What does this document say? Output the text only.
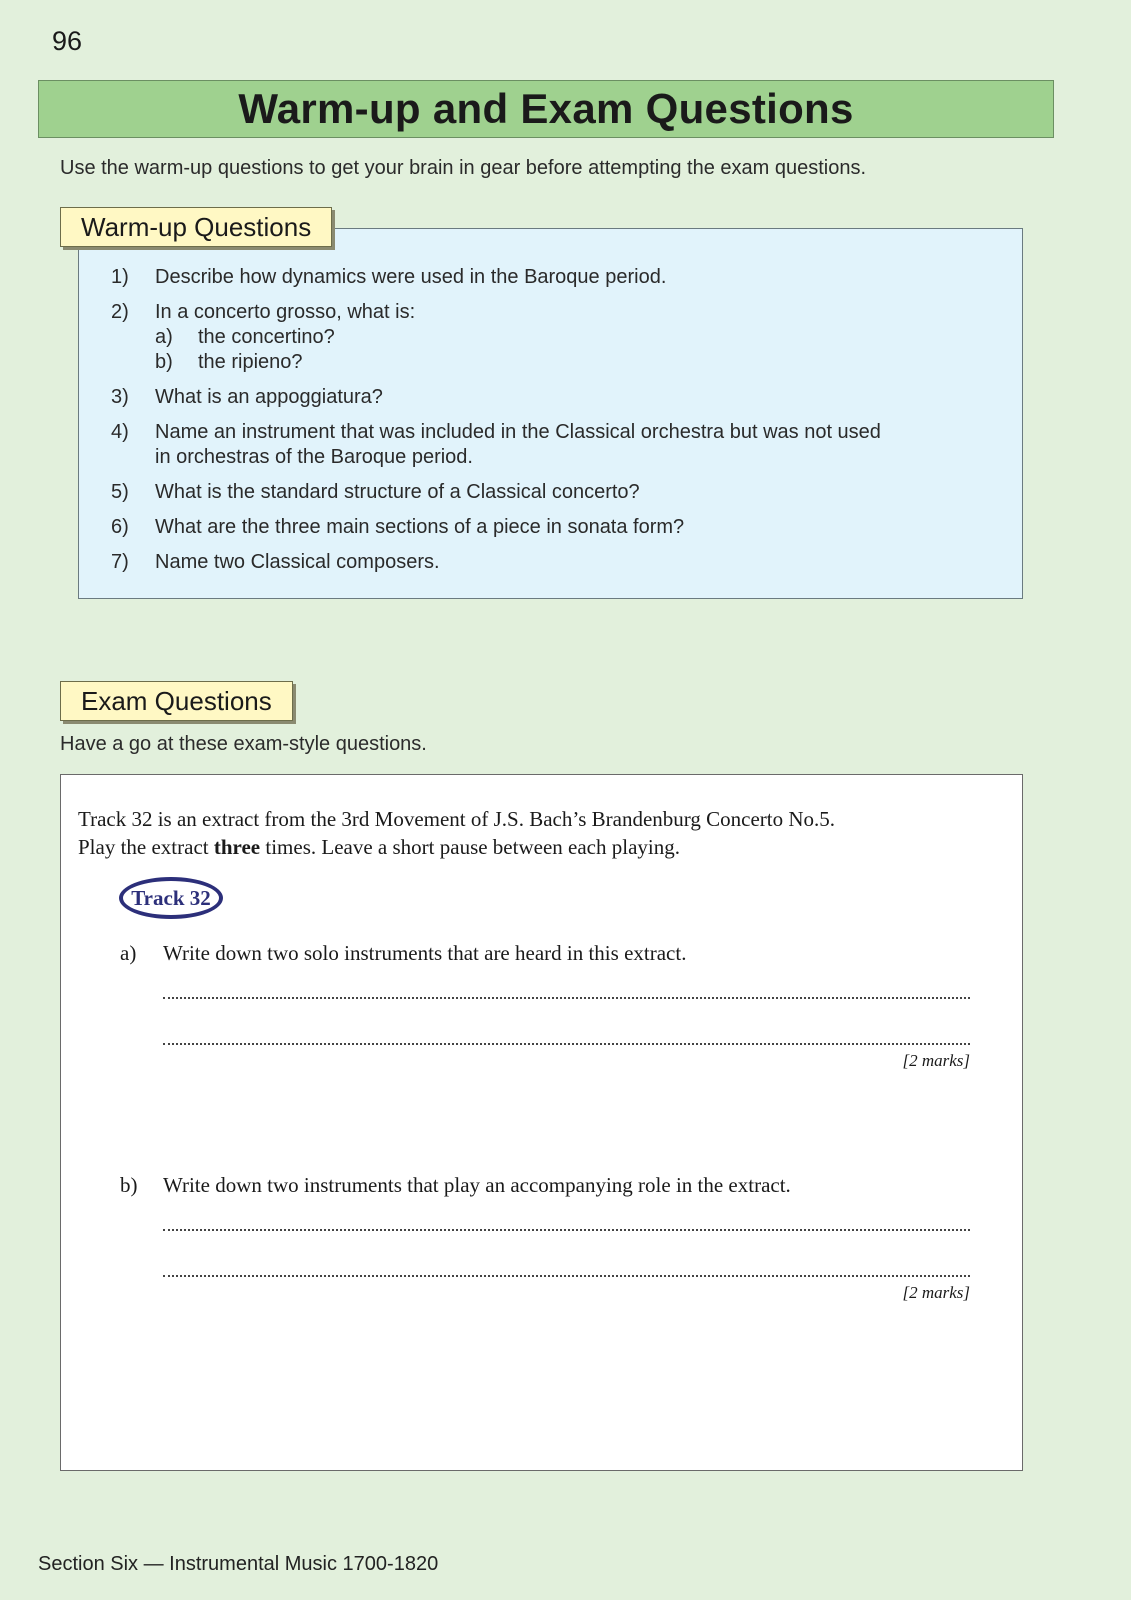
96
Warm-up and Exam Questions
Use the warm-up questions to get your brain in gear before attempting the exam questions.
Warm-up Questions
1)	Describe how dynamics were used in the Baroque period.
2)	In a concerto grosso, what is:
a)	the concertino?
b)	the ripieno?
3)	What is an appoggiatura?
4)	Name an instrument that was included in the Classical orchestra but was not used
in orchestras of the Baroque period.
5)	What is the standard structure of a Classical concerto?
6)	What are the three main sections of a piece in sonata form?
7)	Name two Classical composers.
Exam Questions
Have a go at these exam-style questions.
Track 32 is an extract from the 3rd Movement of J.S. Bach’s Brandenburg Concerto No.5.
Play the extract three times. Leave a short pause between each playing.
Track 32
a)	Write down two solo instruments that are heard in this extract.
[2 marks]
b)	Write down two instruments that play an accompanying role in the extract.
[2 marks]
Section Six — Instrumental Music 1700-1820
